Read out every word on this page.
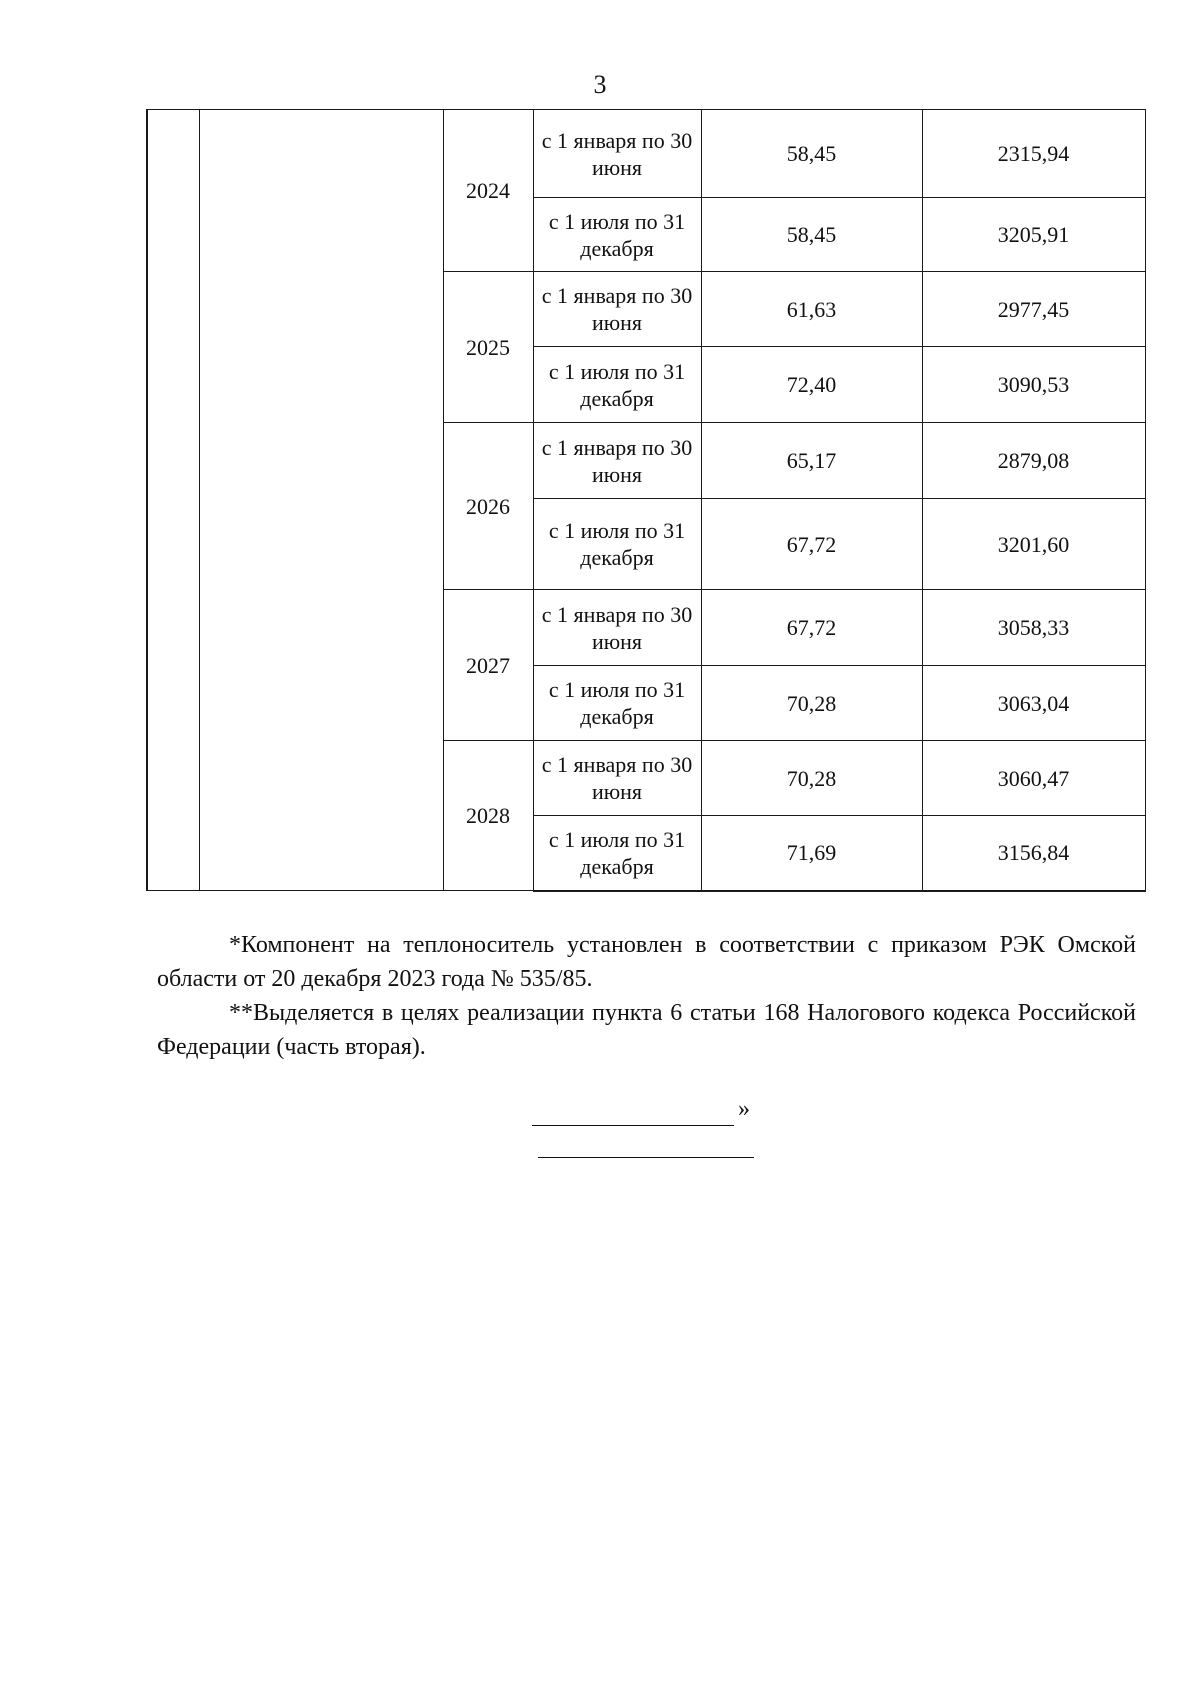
3
		2024	с 1 января по 30 июня	58,45	2315,94
			с 1 июля по 31 декабря	58,45	3205,91
		2025	с 1 января по 30 июня	61,63	2977,45
			с 1 июля по 31 декабря	72,40	3090,53
		2026	с 1 января по 30 июня	65,17	2879,08
			с 1 июля по 31 декабря	67,72	3201,60
		2027	с 1 января по 30 июня	67,72	3058,33
			с 1 июля по 31 декабря	70,28	3063,04
		2028	с 1 января по 30 июня	70,28	3060,47
			с 1 июля по 31 декабря	71,69	3156,84

*Компонент на теплоноситель установлен в соответствии с приказом РЭК Омской области от 20 декабря 2023 года № 535/85.

**Выделяется в целях реализации пункта 6 статьи 168 Налогового кодекса Российской Федерации (часть вторая).

»
